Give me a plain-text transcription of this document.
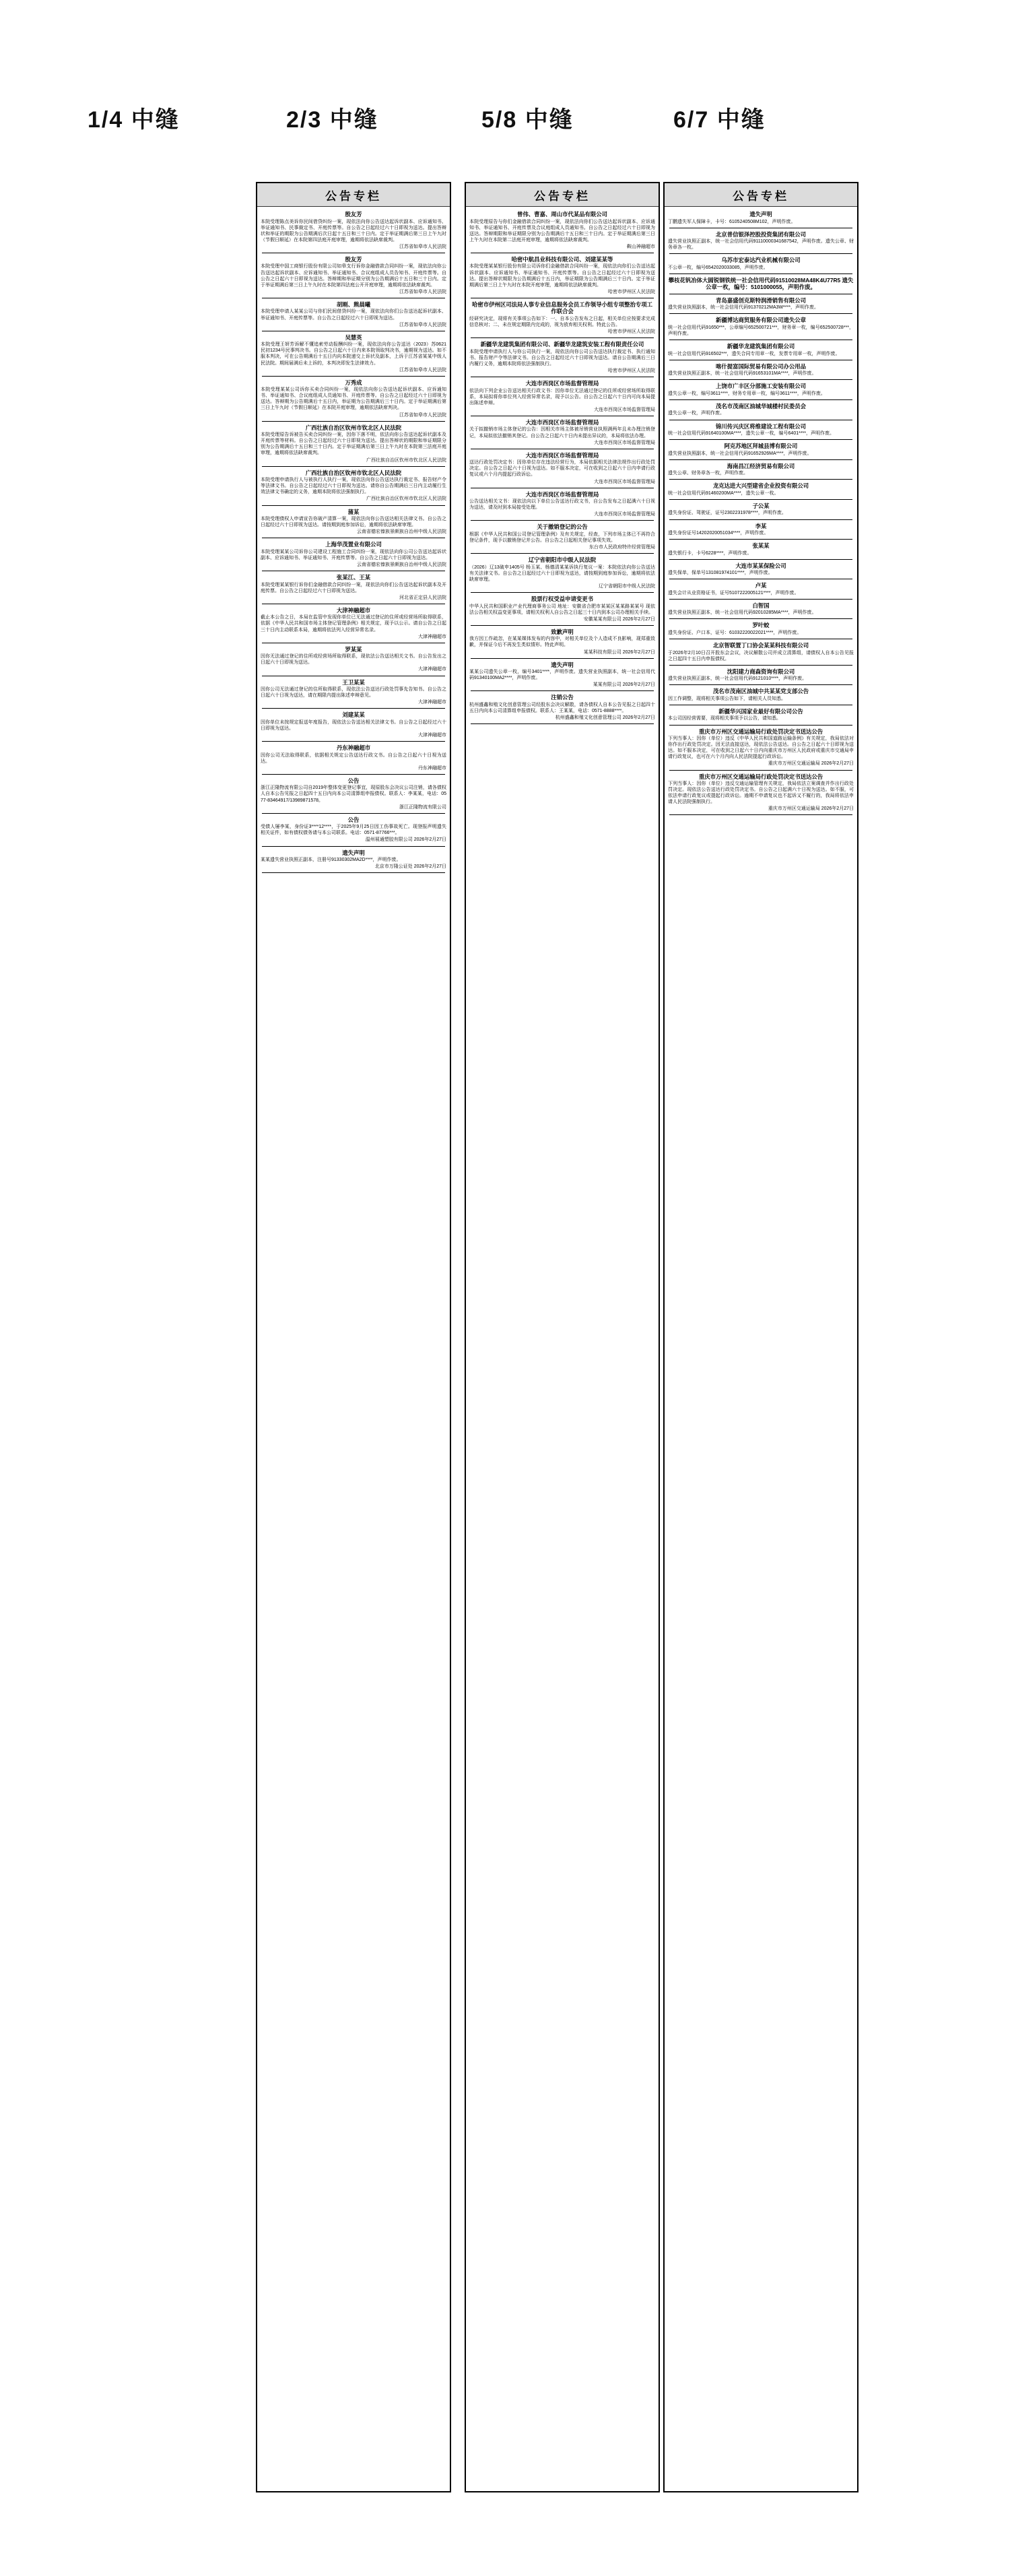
1/4 中缝	2/3 中缝	5/8 中缝	6/7 中缝
公告专栏
殷友芳
本院受理陈点美诉你民间借贷纠纷一案，现依法向你公告送达起诉状副本、应诉通知书、举证通知书、民事裁定书、开庭传票等。自公告之日起经过六十日即视为送达。提出答辩状和举证的期限为公告期满后次日起十五日和三十日内。定于举证期满后第三日上午九时（节假日顺延）在本院第四法庭开庭审理，逾期将依法缺席裁判。
江苏省如皋市人民法院
殷友芳
本院受理中国工商银行股份有限公司如皋支行诉你金融借款合同纠纷一案，现依法向你公告送达起诉状副本、应诉通知书、举证通知书、合议庭组成人员告知书、开庭传票等。自公告之日起六十日即视为送达。答辩期和举证期分别为公告期满后十五日和三十日内。定于举证期满后第三日上午九时在本院第四法庭公开开庭审理，逾期将依法缺席裁判。
江苏省如皋市人民法院
胡刚、熊晨曦
本院受理申请人某某公司与你们民间借贷纠纷一案，现依法向你们公告送达起诉状副本、举证通知书、开庭传票等。自公告之日起经过六十日即视为送达。
江苏省如皋市人民法院
吴慧英
本院受理王妍芳诉解不懂追索劳动报酬纠纷一案，现依法向你公告送达（2023）苏0621民初1234号民事判决书。自公告之日起六十日内来本院领取判决书，逾期视为送达。如不服本判决，可在公告期满后十五日内向本院递交上诉状及副本，上诉于江苏省某某中级人民法院。期间届满后未上诉的，本判决即发生法律效力。
江苏省如皋市人民法院
万秀成
本院受理某某公司诉你买卖合同纠纷一案，现依法向你公告送达起诉状副本、应诉通知书、举证通知书、合议庭组成人员通知书、开庭传票等。自公告之日起经过六十日即视为送达。答辩期为公告期满后十五日内，举证期为公告期满后三十日内。定于举证期满后第三日上午九时（节假日顺延）在本院开庭审理，逾期依法缺席判决。
江苏省如皋市人民法院
广西壮族自治区钦州市钦北区人民法院
本院受理原告诉被告买卖合同纠纷一案，因你下落不明，依法向你公告送达起诉状副本及开庭传票等材料。自公告之日起经过六十日即视为送达。提出答辩状的期限和举证期限分别为公告期满后十五日和三十日内。定于举证期满后第三日上午九时在本院第三法庭开庭审理，逾期将依法缺席裁判。
广西壮族自治区钦州市钦北区人民法院
广西壮族自治区钦州市钦北区人民法院
本院受理申请执行人与被执行人执行一案，现依法向你公告送达执行裁定书、报告财产令等法律文书。自公告之日起经过六十日即视为送达。请你自公告期满后三日内主动履行生效法律文书确定的义务，逾期本院将依法强制执行。
广西壮族自治区钦州市钦北区人民法院
蒲某
本院受理债权人申请宣告你破产清算一案，现依法向你公告送达相关法律文书。自公告之日起经过六十日即视为送达。请按期到庭参加诉讼，逾期将依法缺席审理。
云南省德宏傣族景颇族自治州中级人民法院
上海华茂置业有限公司
本院受理某某公司诉你公司建设工程施工合同纠纷一案，现依法向你公司公告送达起诉状副本、应诉通知书、举证通知书、开庭传票等。自公告之日起六十日即视为送达。
云南省德宏傣族景颇族自治州中级人民法院
张某江、王某
本院受理某某银行诉你们金融借款合同纠纷一案，现依法向你们公告送达起诉状副本及开庭传票。自公告之日起经过六十日即视为送达。
河北省正定县人民法院
大津神融超市
截止本公告之日，本局在监管中发现你单位已无法通过登记的住所或经营场所取得联系，依据《中华人民共和国市场主体登记管理条例》相关规定，现予以公示。请自公告之日起三十日内主动联系本局，逾期将依法列入经营异常名录。
大津神融超市
罗某某
因你无法通过登记的住所或经营场所取得联系，现依法公告送达相关文书。自公告发出之日起六十日即视为送达。
大津神融超市
王卫某某
因你公司无法通过登记的住所取得联系，现依法公告送达行政处罚事先告知书。自公告之日起六十日视为送达，请在期限内提出陈述申辩意见。
大津神融超市
刘建某某
因你单位未按规定报送年度报告，现依法公告送达相关法律文书。自公告之日起经过六十日即视为送达。
大津神融超市
丹东神融超市
因你公司无法取得联系，依据相关规定公告送达行政文书。自公告之日起六十日视为送达。
丹东神融超市
公告
浙江正隆物流有限公司自2019年整体变更登记事宜，现原股东会决议公司注销，请各债权人自本公告见报之日起四十五日内向本公司清算组申报债权。联系人：李某某，电话：0577-83464917/13989871578。
浙江正隆物流有限公司
公告
受债人屡李某，身份证3****12****，于2025年9月25日因工伤事故死亡。现登报声明遗失相关证件，如有债权债务请与本公司联系。电话：0571-87766***。
温州展通塑胶有限公司 2026年2月27日
遗失声明
某某遗失营业执照正副本，注册号91330302MA2D****，声明作废。
北京市万隆公证处 2026年2月27日
公告专栏
曾伟、曹嘉、周山市代某品有限公司
本院受理原告与你们金融借款合同纠纷一案，现依法向你们公告送达起诉状副本、应诉通知书、举证通知书、开庭传票及合议庭组成人员通知书。自公告之日起经过六十日即视为送达。答辩期限和举证期限分别为公告期满后十五日和三十日内。定于举证期满后第三日上午九时在本院第二法庭开庭审理，逾期将依法缺席裁判。
鞍山神融超市
哈密中航昌业科技有限公司、刘建某某等
本院受理某某银行股份有限公司诉你们金融借款合同纠纷一案，现依法向你们公告送达起诉状副本、应诉通知书、举证通知书、开庭传票等。自公告之日起经过六十日即视为送达。提出答辩状期限为公告期满后十五日内，举证期限为公告期满后三十日内。定于举证期满后第三日上午九时在本院开庭审理，逾期将依法缺席裁判。
哈密市伊州区人民法院
哈密市伊州区司法局人事专业信息服务会员工作领导小组专项整治专项工作联合会
经研究决定，现将有关事项公告如下：一、自本公告发布之日起，相关单位应按要求完成信息核对；二、未在规定期限内完成的，视为放弃相关权利。特此公告。
哈密市伊州区人民法院
新疆华龙建筑集团有限公司、新疆华龙建筑安装工程有限责任公司
本院受理申请执行人与你公司执行一案，现依法向你公司公告送达执行裁定书、执行通知书、报告财产令等法律文书。自公告之日起经过六十日即视为送达。请自公告期满后三日内履行义务，逾期本院将依法强制执行。
哈密市伊州区人民法院
大连市西岗区市场监督管理局
依法向下列企业公告送达相关行政文书：因你单位无法通过登记的住所或经营场所取得联系，本局拟将你单位列入经营异常名录，现予以公告。自公告之日起六十日内可向本局提出陈述申辩。
大连市西岗区市场监督管理局
大连市西岗区市场监督管理局
关于拟撤销市场主体登记的公告：因相关市场主体被吊销营业执照满两年且未办理注销登记，本局拟依法撤销其登记。自公告之日起六十日内未提出异议的，本局将依法办理。
大连市西岗区市场监督管理局
大连市西岗区市场监督管理局
送达行政处罚决定书：因你单位存在违法经营行为，本局依据相关法律法规作出行政处罚决定。自公告之日起六十日视为送达。如不服本决定，可在收到之日起六十日内申请行政复议或六个月内提起行政诉讼。
大连市西岗区市场监督管理局
大连市西岗区市场监督管理局
公告送达相关文书：现依法向以下单位公告送达行政文书，自公告发布之日起满六十日视为送达，请及时到本局接受处理。
大连市西岗区市场监督管理局
关于撤销登记的公告
根据《中华人民共和国公司登记管理条例》及有关规定，经查，下列市场主体已不再符合登记条件，现予以撤销登记并公告。自公告之日起相关登记事项失效。
东台市人民政府特许经营管理局
辽宁省朝阳市中级人民法院
（2026）辽13破申1405号 杨玉某、杨德清某某诉执行复议一案：本院依法向你公告送达有关法律文书。自公告之日起经过六十日即视为送达，请按期到庭参加诉讼，逾期将依法缺席审理。
辽宁省朝阳市中级人民法院
股票行权受益申请变更书
中华人民共和国职业产业代理商事务公司 地址：安徽省合肥市某某区某某路某某号 现依法公告相关权益变更事项，请相关权利人自公告之日起三十日内到本公司办理相关手续。
安徽某某有限公司 2026年2月27日
致歉声明
我方因工作疏忽，在某某媒体发布的内容中，对相关单位及个人造成不良影响，现郑重致歉，并保证今后不再发生类似情形。特此声明。
某某科技有限公司 2026年2月27日
遗失声明
某某公司遗失公章一枚，编号3401****，声明作废。遗失营业执照副本，统一社会信用代码91340100MA2****，声明作废。
某某有限公司 2026年2月27日
注销公告
杭州盛鑫和殖文化创意管理公司经股东会决议解散，请各债权人自本公告见报之日起四十五日内向本公司清算组申报债权。联系人：王某某，电话：0571-8888****。
杭州盛鑫和殖文化创意管理公司 2026年2月27日
公告专栏
遗失声明
丁鹏遗失军人保障卡，卡号：6105240508M102，声明作废。
北京普信银泽控股投资集团有限公司
遗失营业执照正副本，统一社会信用代码91110000341687542，声明作废。遗失公章、财务章各一枚。
乌苏市宏泰达汽业机械有限公司
不公章一枚，编号6542020033085，声明作废。
攀枝花钒冶体大圆锐钢铁统一社会信用代码91510028MA48K4U77R5 遗失公章一枚，编号：5101000055，声明作废。
青岛嘉盛创克斯特润滑销售有限公司
遗失营业执照副本，统一社会信用代码91370212MA3W****，声明作废。
新疆博达商贸服务有限公司遗失公章
统一社会信用代码91650***，公章编号652500721***，财务章一枚，编号652500728***，声明作废。
新疆华龙建筑集团有限公司
统一社会信用代码916502***，遗失合同专用章一枚，发票专用章一枚，声明作废。
喀什提富国际贸易有限公司办公用品
遗失营业执照正副本，统一社会信用代码91653101MA****，声明作废。
上饶市广丰区分部施工安装有限公司
遗失公章一枚，编号3611****，财务专用章一枚，编号3611****，声明作废。
茂名市茂南区油城华城楼村民委员会
遗失公章一枚，声明作废。
锦川传兴庆区将维建设工程有限公司
统一社会信用代码91640100MA****，遗失公章一枚，编号6401****，声明作废。
阿克苏地区拜城县博有限公司
遗失营业执照副本，统一社会信用代码91652926MA****，声明作废。
海南昌冮经济贸易有限公司
遗失公章、财务章各一枚，声明作废。
龙克达进大兴型建省企业投资有限公司
统一社会信用代码91460200MA****，遗失公章一枚。
子公某
遗失身份证、驾驶证，证号2302231978****，声明作废。
李某
遗失身份证号14202020051034****，声明作废。
张某某
遗失银行卡，卡号6228****，声明作废。
大连市某某保险公司
遗失保单，保单号131081974101****，声明作废。
卢某
遗失会计从业资格证书，证号5107222005121****，声明作废。
白智国
遗失营业执照正副本，统一社会信用代码92010285MA****，声明作废。
罗叶蛟
遗失身份证、户口本，证号：61032220022021****，声明作废。
北京智联置丁口协会某某科技有限公司
于2026年2月10日召开股东会会议，决议解散公司并成立清算组，请债权人自本公告见报之日起四十五日内申报债权。
沈阳建力商森资询有限公司
遗失营业执照正副本，统一社会信用代码9121010****，声明作废。
茂名市茂南区油城中共某某党支部公告
因工作调整，现将相关事项公告如下，请相关人员知悉。
新疆华兴国家业最好有限公司公告
本公司因经营需要，现将相关事项予以公告，请知悉。
重庆市万州区交通运输局行政处罚决定书送达公告
下列当事人：因你（单位）违反《中华人民共和国道路运输条例》有关规定，我局依法对你作出行政处罚决定。因无法直接送达，现依法公告送达。自公告之日起六十日即视为送达。如不服本决定，可在收到之日起六十日内向重庆市万州区人民政府或重庆市交通局申请行政复议，也可在六个月内向人民法院提起行政诉讼。
重庆市万州区交通运输局 2026年2月27日
重庆市万州区交通运输局行政处罚决定书送达公告
下列当事人：因你（单位）违反交通运输管理有关规定，我局依法立案调查并作出行政处罚决定。现依法公告送达行政处罚决定书。自公告之日起满六十日视为送达。如不服，可依法申请行政复议或提起行政诉讼。逾期不申请复议也不起诉又不履行的，我局将依法申请人民法院强制执行。
重庆市万州区交通运输局 2026年2月27日
